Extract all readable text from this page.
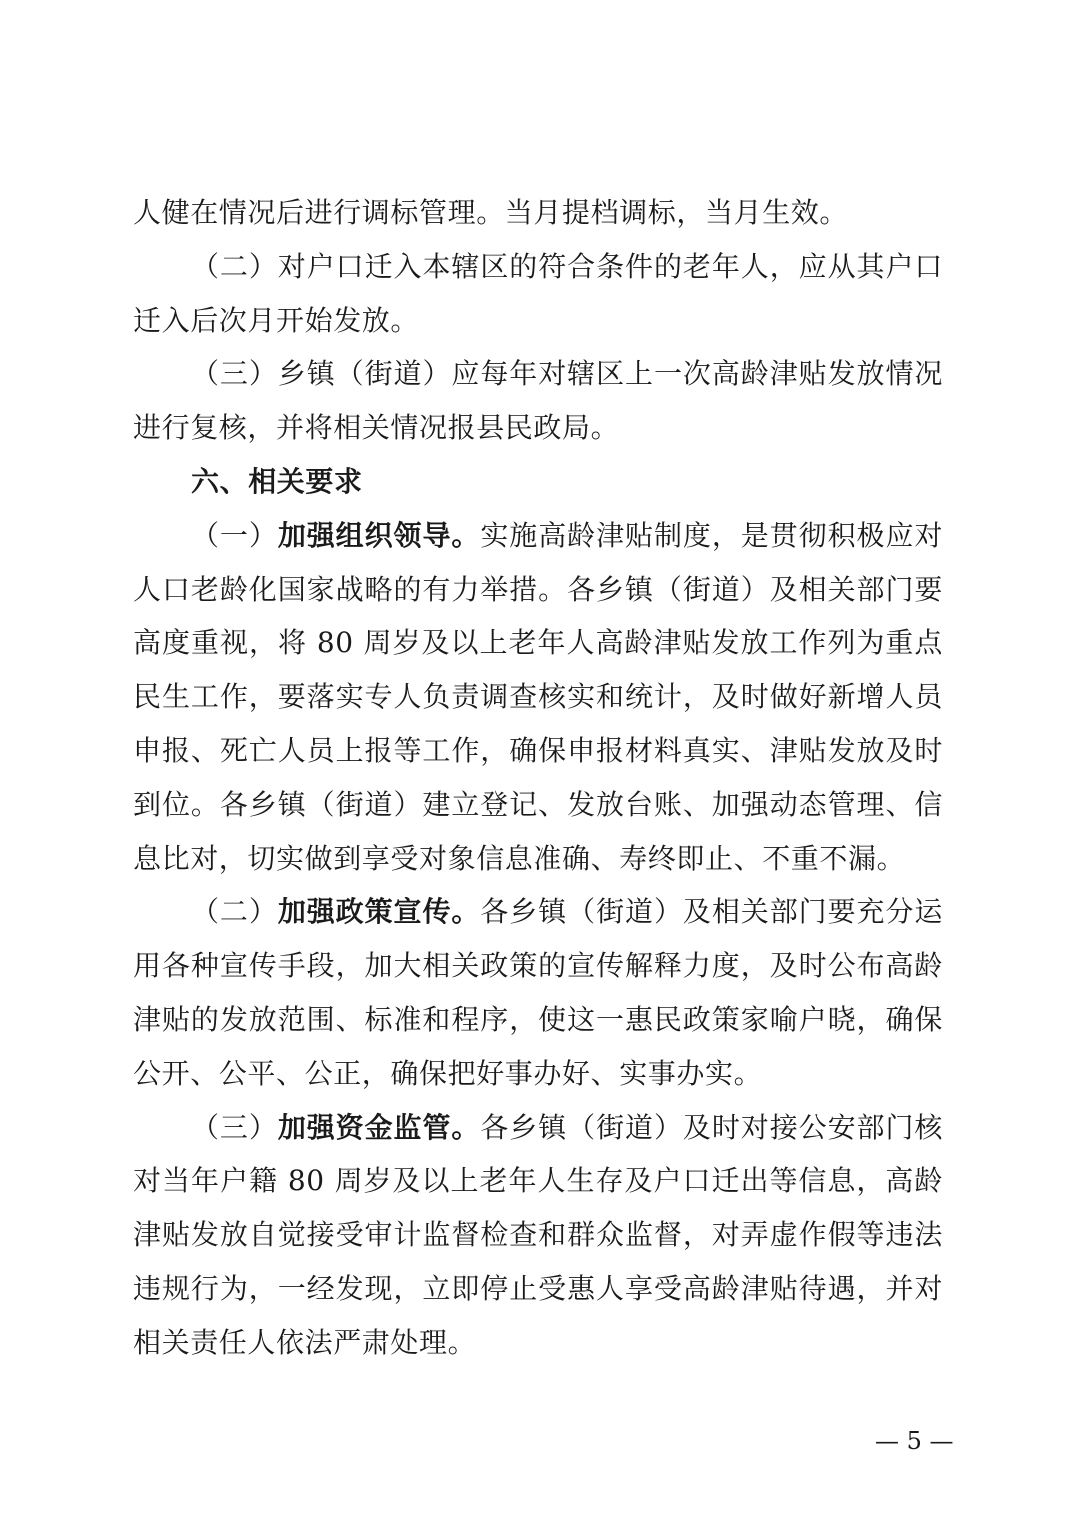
人健在情况后进行调标管理。当月提档调标，当月生效。

（二）对户口迁入本辖区的符合条件的老年人，应从其户口迁入后次月开始发放。

（三）乡镇（街道）应每年对辖区上一次高龄津贴发放情况进行复核，并将相关情况报县民政局。

六、相关要求

（一）加强组织领导。实施高龄津贴制度，是贯彻积极应对人口老龄化国家战略的有力举措。各乡镇（街道）及相关部门要高度重视，将 80 周岁及以上老年人高龄津贴发放工作列为重点民生工作，要落实专人负责调查核实和统计，及时做好新增人员申报、死亡人员上报等工作，确保申报材料真实、津贴发放及时到位。各乡镇（街道）建立登记、发放台账、加强动态管理、信息比对，切实做到享受对象信息准确、寿终即止、不重不漏。

（二）加强政策宣传。各乡镇（街道）及相关部门要充分运用各种宣传手段，加大相关政策的宣传解释力度，及时公布高龄津贴的发放范围、标准和程序，使这一惠民政策家喻户晓，确保公开、公平、公正，确保把好事办好、实事办实。

（三）加强资金监管。各乡镇（街道）及时对接公安部门核对当年户籍 80 周岁及以上老年人生存及户口迁出等信息，高龄津贴发放自觉接受审计监督检查和群众监督，对弄虚作假等违法违规行为，一经发现，立即停止受惠人享受高龄津贴待遇，并对相关责任人依法严肃处理。

— 5 —
